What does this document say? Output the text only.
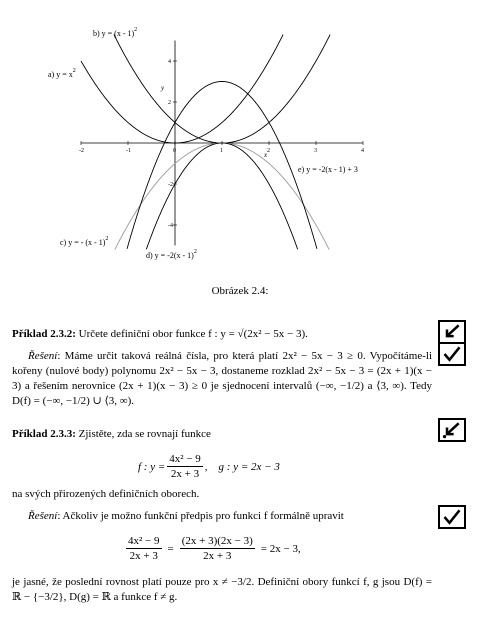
-2	-1	0	1	2	3	4
-4
-2
2
4
x
y
b) y = (x - 1)$^2$
a) $y = x^2$
e) y = -2(x - 1) + 3
c) y = - (x - 1)$^2$
d) y = -2(x - 1)$^2$
Obrázek 2.4:
Příklad 2.3.2: Určete definiční obor funkce f : y = √(2x² − 5x − 3).
Řešení: Máme určit taková reálná čísla, pro která platí 2x² − 5x − 3 ≥ 0. Vypočítáme-li kořeny (nulové body) polynomu 2x² − 5x − 3, dostaneme rozklad 2x² − 5x − 3 = (2x + 1)(x − 3) a řešením nerovnice (2x + 1)(x − 3) ≥ 0 je sjednocení intervalů (−∞, −1/2) a ⟨3, ∞). Tedy D(f) = (−∞, −1/2) ∪ ⟨3, ∞).
Příklad 2.3.3: Zjistěte, zda se rovnají funkce
f : $y = \frac{\text{4x² − 9}}{2x + 3}$ ,    g : y = 2x − 3
na svých přirozených definičních oborech.
Řešení: Ačkoliv je možno funkční předpis pro funkci f formálně upravit
$\frac{\text{4x² − 9}}{2x + 3} = \frac{(2x + 3)(2x - 3)}{2x + 3} = 2x - 3$,
je jasné, že poslední rovnost platí pouze pro x ≠ −3/2. Definiční obory funkcí f, g jsou D(f) = ℝ − {−3/2}, D(g) = ℝ a funkce f ≠ g.
